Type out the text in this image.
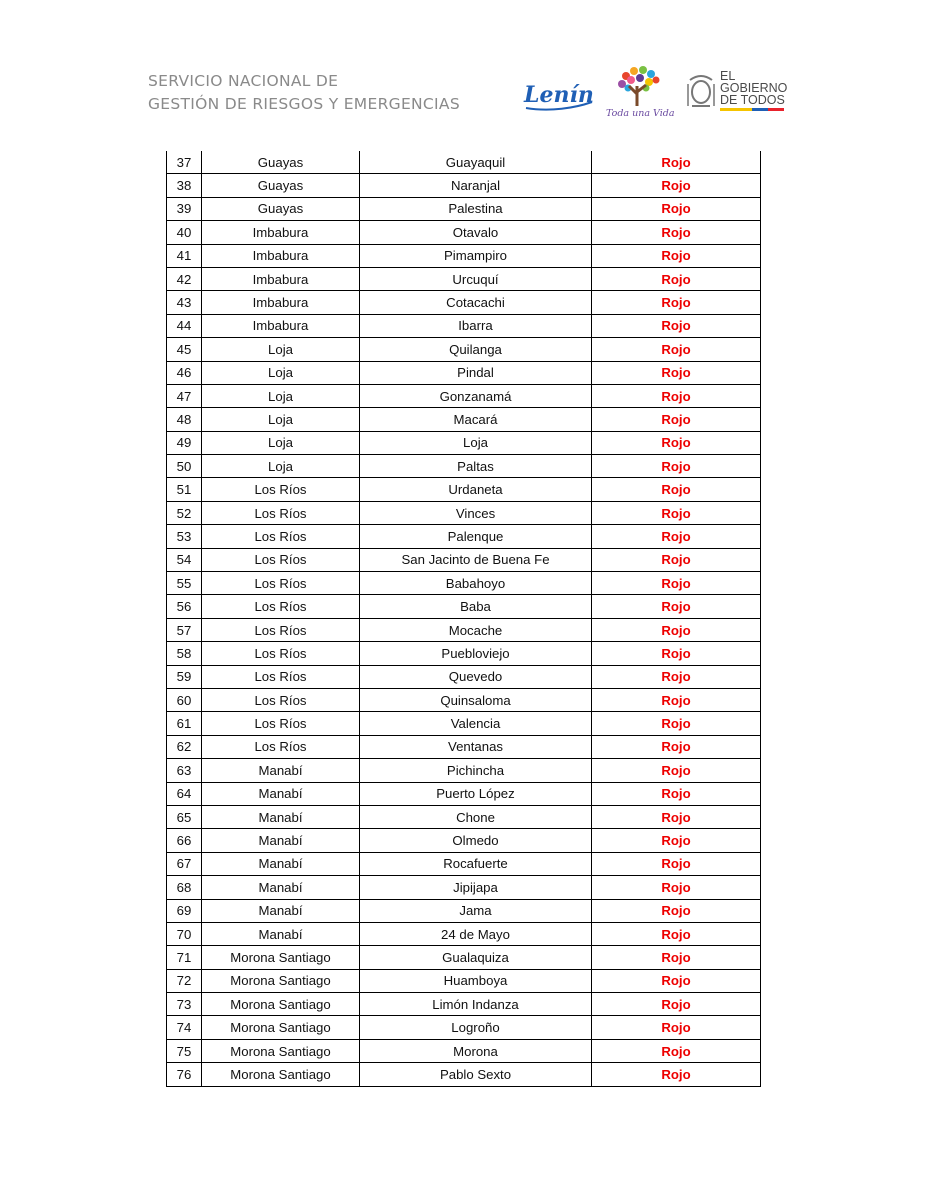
SERVICIO NACIONAL DE
GESTIÓN DE RIESGOS Y EMERGENCIAS	Lenín
Toda una Vida
EL
GOBIERNO
DE TODOS
37	Guayas	Guayaquil	Rojo
38	Guayas	Naranjal	Rojo
39	Guayas	Palestina	Rojo
40	Imbabura	Otavalo	Rojo
41	Imbabura	Pimampiro	Rojo
42	Imbabura	Urcuquí	Rojo
43	Imbabura	Cotacachi	Rojo
44	Imbabura	Ibarra	Rojo
45	Loja	Quilanga	Rojo
46	Loja	Pindal	Rojo
47	Loja	Gonzanamá	Rojo
48	Loja	Macará	Rojo
49	Loja	Loja	Rojo
50	Loja	Paltas	Rojo
51	Los Ríos	Urdaneta	Rojo
52	Los Ríos	Vinces	Rojo
53	Los Ríos	Palenque	Rojo
54	Los Ríos	San Jacinto de Buena Fe	Rojo
55	Los Ríos	Babahoyo	Rojo
56	Los Ríos	Baba	Rojo
57	Los Ríos	Mocache	Rojo
58	Los Ríos	Puebloviejo	Rojo
59	Los Ríos	Quevedo	Rojo
60	Los Ríos	Quinsaloma	Rojo
61	Los Ríos	Valencia	Rojo
62	Los Ríos	Ventanas	Rojo
63	Manabí	Pichincha	Rojo
64	Manabí	Puerto López	Rojo
65	Manabí	Chone	Rojo
66	Manabí	Olmedo	Rojo
67	Manabí	Rocafuerte	Rojo
68	Manabí	Jipijapa	Rojo
69	Manabí	Jama	Rojo
70	Manabí	24 de Mayo	Rojo
71	Morona Santiago	Gualaquiza	Rojo
72	Morona Santiago	Huamboya	Rojo
73	Morona Santiago	Limón Indanza	Rojo
74	Morona Santiago	Logroño	Rojo
75	Morona Santiago	Morona	Rojo
76	Morona Santiago	Pablo Sexto	Rojo
